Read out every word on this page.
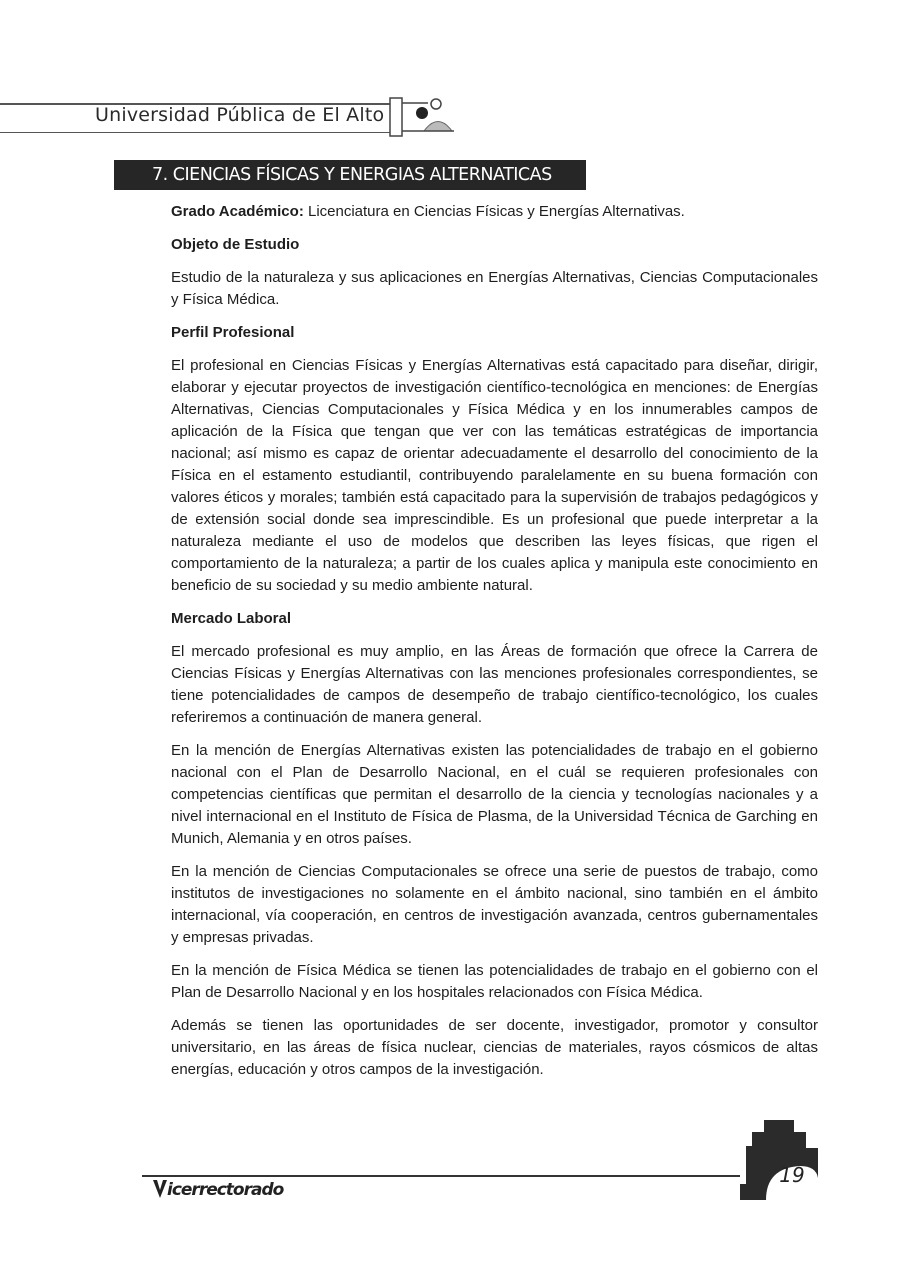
Universidad Pública de El Alto
7. CIENCIAS FÍSICAS Y ENERGIAS ALTERNATICAS

Grado Académico: Licenciatura en Ciencias Físicas y Energías Alternativas.

Objeto de Estudio

Estudio de la naturaleza y sus aplicaciones en Energías Alternativas, Ciencias Computacionales y Física Médica.

Perfil Profesional

El profesional en Ciencias Físicas y Energías Alternativas está capacitado para diseñar, dirigir, elaborar y ejecutar proyectos de investigación científico-tecnológica en menciones: de Energías Alternativas, Ciencias Computacionales y Física Médica y en los innumerables campos de aplicación de la Física que tengan que ver con las temáticas estratégicas de importancia nacional; así mismo es capaz de orientar adecuadamente el desarrollo del conocimiento de la Física en el estamento estudiantil, contribuyendo paralelamente en su buena formación con valores éticos y morales; también está capacitado para la supervisión de trabajos pedagógicos y de extensión social donde sea imprescindible. Es un profesional que puede interpretar a la naturaleza mediante el uso de modelos que describen las leyes físicas, que rigen el comportamiento de la naturaleza; a partir de los cuales aplica y manipula este conocimiento en beneficio de su sociedad y su medio ambiente natural.

Mercado Laboral

El mercado profesional es muy amplio, en las Áreas de formación que ofrece la Carrera de Ciencias Físicas y Energías Alternativas con las menciones profesionales correspondientes, se tiene potencialidades de campos de desempeño de trabajo científico-tecnológico, los cuales referiremos a continuación de manera general.

En la mención de Energías Alternativas existen las potencialidades de trabajo en el gobierno nacional con el Plan de Desarrollo Nacional, en el cuál se requieren profesionales con competencias científicas que permitan el desarrollo de la ciencia y tecnologías nacionales y a nivel internacional en el Instituto de Física de Plasma, de la Universidad Técnica de Garching en Munich, Alemania y en otros países.

En la mención de Ciencias Computacionales se ofrece una serie de puestos de trabajo, como institutos de investigaciones no solamente en el ámbito nacional, sino también en el ámbito internacional, vía cooperación, en centros de investigación avanzada, centros gubernamentales y empresas privadas.

En la mención de Física Médica se tienen las potencialidades de trabajo en el gobierno con el Plan de Desarrollo Nacional y en los hospitales relacionados con Física Médica.

Además se tienen las oportunidades de ser docente, investigador, promotor y consultor universitario, en las áreas de física nuclear, ciencias de materiales, rayos cósmicos de altas energías, educación y otros campos de la investigación.

icerrectorado
19
